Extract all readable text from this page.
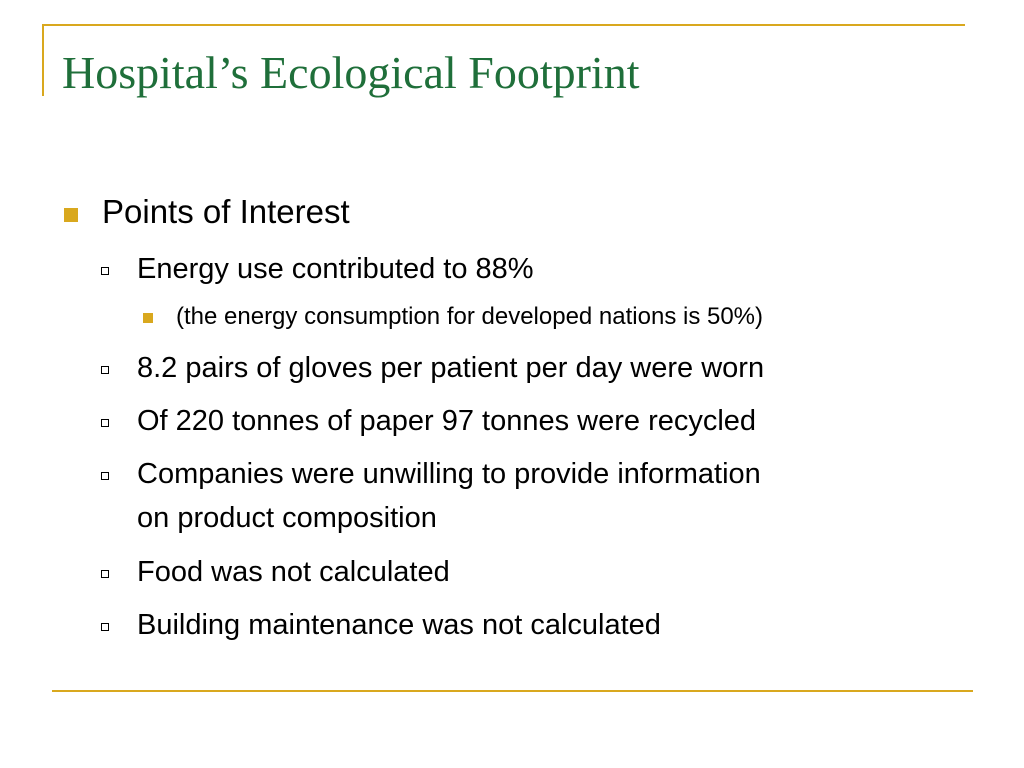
Hospital’s Ecological Footprint
Points of Interest
Energy use contributed to 88%
(the energy consumption for developed nations is 50%)
8.2 pairs of gloves per patient per day were worn
Of 220 tonnes of paper 97 tonnes were recycled
Companies were unwilling to provide information
on product composition
Food was not calculated
Building maintenance was not calculated
